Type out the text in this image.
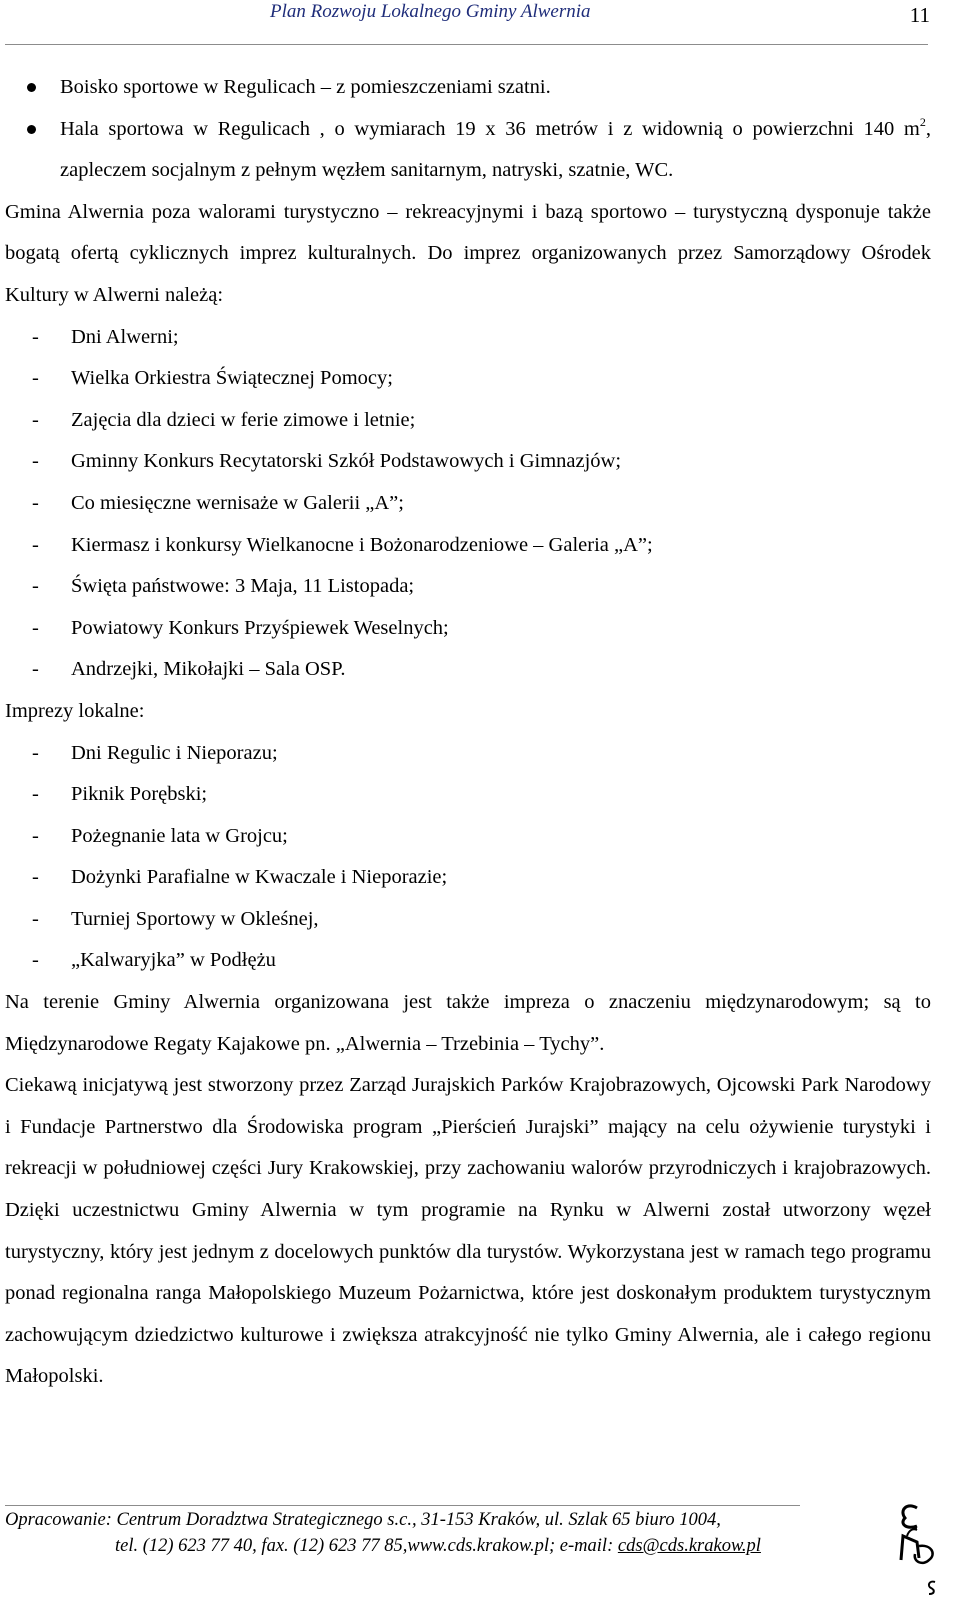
Plan Rozwoju Lokalnego Gminy Alwernia	11
Boisko sportowe w Regulicach – z pomieszczeniami szatni.
Hala sportowa w Regulicach , o wymiarach 19 x 36 metrów i z widownią o powierzchni 140 $m^2$, zapleczem socjalnym z pełnym węzłem sanitarnym, natryski, szatnie, WC.

Gmina Alwernia poza walorami turystyczno – rekreacyjnymi i bazą sportowo – turystyczną dysponuje także bogatą ofertą cyklicznych imprez kulturalnych. Do imprez organizowanych przez Samorządowy Ośrodek Kultury w Alwerni należą:

- Dni Alwerni;
- Wielka Orkiestra Świątecznej Pomocy;
- Zajęcia dla dzieci w ferie zimowe i letnie;
- Gminny Konkurs Recytatorski Szkół Podstawowych i Gimnazjów;
- Co miesięczne wernisaże w Galerii „A”;
- Kiermasz i konkursy Wielkanocne i Bożonarodzeniowe – Galeria „A”;
- Święta państwowe: 3 Maja, 11 Listopada;
- Powiatowy Konkurs Przyśpiewek Weselnych;
- Andrzejki, Mikołajki – Sala OSP.

Imprezy lokalne:

- Dni Regulic i Nieporazu;
- Piknik Porębski;
- Pożegnanie lata w Grojcu;
- Dożynki Parafialne w Kwaczale i Nieporazie;
- Turniej Sportowy w Okleśnej,
- „Kalwaryjka” w Podłężu

Na terenie Gminy Alwernia organizowana jest także impreza o znaczeniu międzynarodowym; są to Międzynarodowe Regaty Kajakowe pn. „Alwernia – Trzebinia – Tychy”.

Ciekawą inicjatywą jest stworzony przez Zarząd Jurajskich Parków Krajobrazowych, Ojcowski Park Narodowy i Fundacje Partnerstwo dla Środowiska program „Pierścień Jurajski” mający na celu ożywienie turystyki i rekreacji w południowej części Jury Krakowskiej, przy zachowaniu walorów przyrodniczych i krajobrazowych. Dzięki uczestnictwu Gminy Alwernia w tym programie na Rynku w Alwerni został utworzony węzeł turystyczny, który jest jednym z docelowych punktów dla turystów. Wykorzystana jest w ramach tego programu ponad regionalna ranga Małopolskiego Muzeum Pożarnictwa, które jest doskonałym produktem turystycznym zachowującym dziedzictwo kulturowe i zwiększa atrakcyjność nie tylko Gminy Alwernia, ale i całego regionu Małopolski.

Opracowanie: Centrum Doradztwa Strategicznego s.c., 31-153 Kraków, ul. Szlak 65 biuro 1004,
tel. (12) 623 77 40, fax. (12) 623 77 85,www.cds.krakow.pl; e-mail: cds@cds.krakow.pl
